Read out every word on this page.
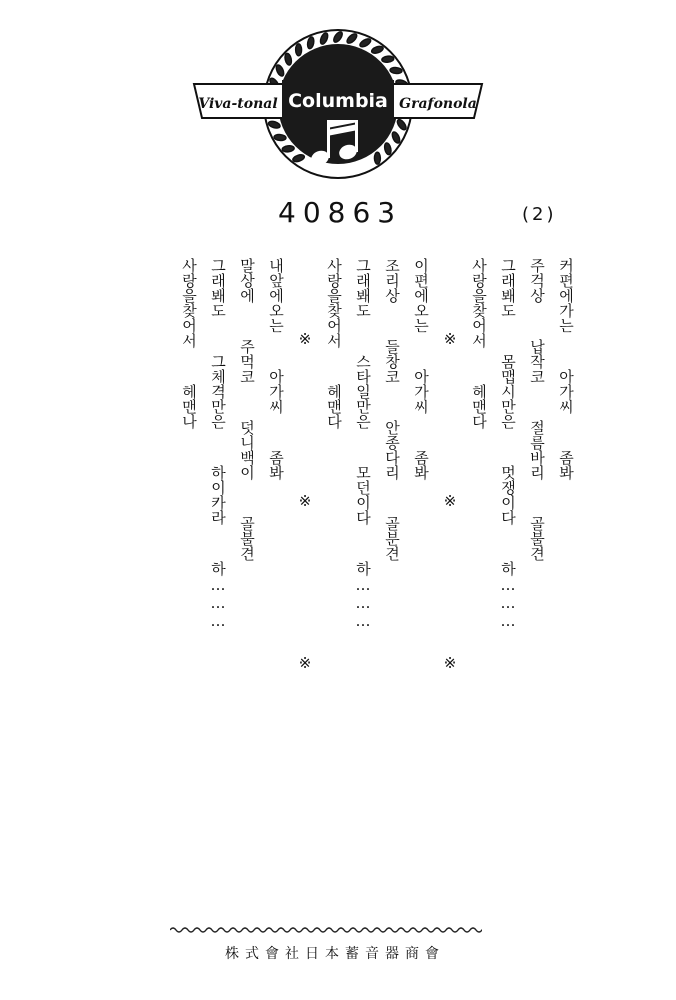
Viva-tonal Columbia Grafonola
40863	(2)
커편에가는  아가씨  좀봐
주걱상  납작코  절름바리  골불견
그래봬도  몸맵시만은  멋쟁이다  하………
사랑을찾어서  헤맨다
※        ※        ※
이편에오는  아가씨  좀봐
조리상  들창코  안종다리  골분견
그래봬도  스타일만은  모던이다  하………
사랑을찾어서  헤맨다
※        ※        ※
내앞에오는  아가씨  좀봐
말상에  주먹코  덧니백이  골불견
그래봬도  그체격만은  하이카라  하………
사랑을찾어서  헤맨나
株式會社日本蓄音器商會
